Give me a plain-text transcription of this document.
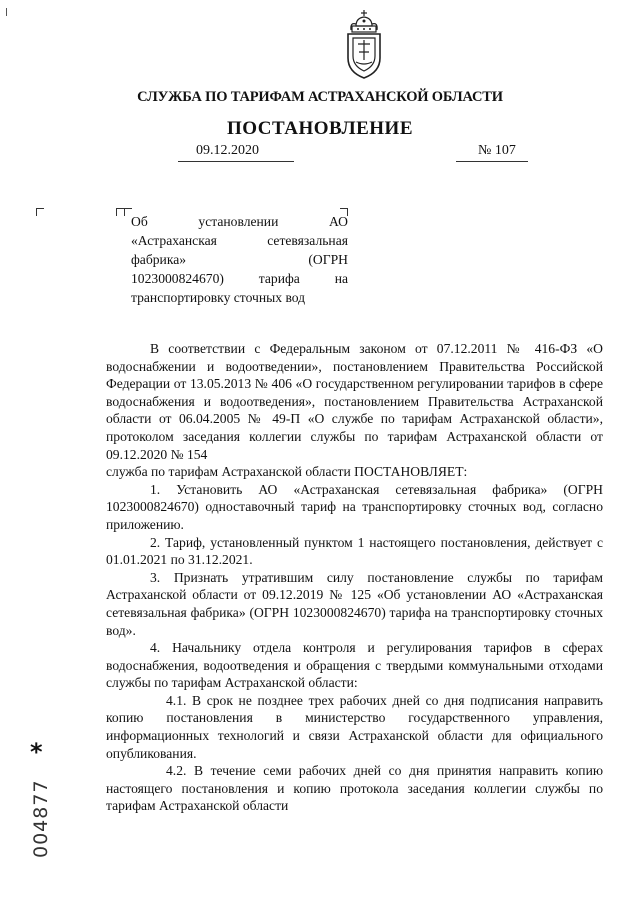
СЛУЖБА ПО ТАРИФАМ АСТРАХАНСКОЙ ОБЛАСТИ
ПОСТАНОВЛЕНИЕ
09.12.2020	№ 107
Об установлении АО
«Астраханская сетевязальная
фабрика» (ОГРН
1023000824670) тарифа на
транспортировку сточных вод

В соответствии с Федеральным законом от 07.12.2011 № 416-ФЗ «О водоснабжении и водоотведении», постановлением Правительства Российской Федерации от 13.05.2013 № 406 «О государственном регулировании тарифов в сфере водоснабжения и водоотведения», постановлением Правительства Астраханской области от 06.04.2005 № 49-П «О службе по тарифам Астраханской области», протоколом заседания коллегии службы по тарифам Астраханской области от 09.12.2020 № 154

служба по тарифам Астраханской области ПОСТАНОВЛЯЕТ:

1. Установить АО «Астраханская сетевязальная фабрика» (ОГРН 1023000824670) одноставочный тариф на транспортировку сточных вод, согласно приложению.

2. Тариф, установленный пунктом 1 настоящего постановления, действует с 01.01.2021 по 31.12.2021.

3. Признать утратившим силу постановление службы по тарифам Астраханской области от 09.12.2019 № 125 «Об установлении АО «Астраханская сетевязальная фабрика» (ОГРН 1023000824670) тарифа на транспортировку сточных вод».

4. Начальнику отдела контроля и регулирования тарифов в сферах водоснабжения, водоотведения и обращения с твердыми коммунальными отходами службы по тарифам Астраханской области:

4.1. В срок не позднее трех рабочих дней со дня подписания направить копию постановления в министерство государственного управления, информационных технологий и связи Астраханской области для официального опубликования.

4.2. В течение семи рабочих дней со дня принятия направить копию настоящего постановления и копию протокола заседания коллегии службы по тарифам Астраханской области

*
004877
